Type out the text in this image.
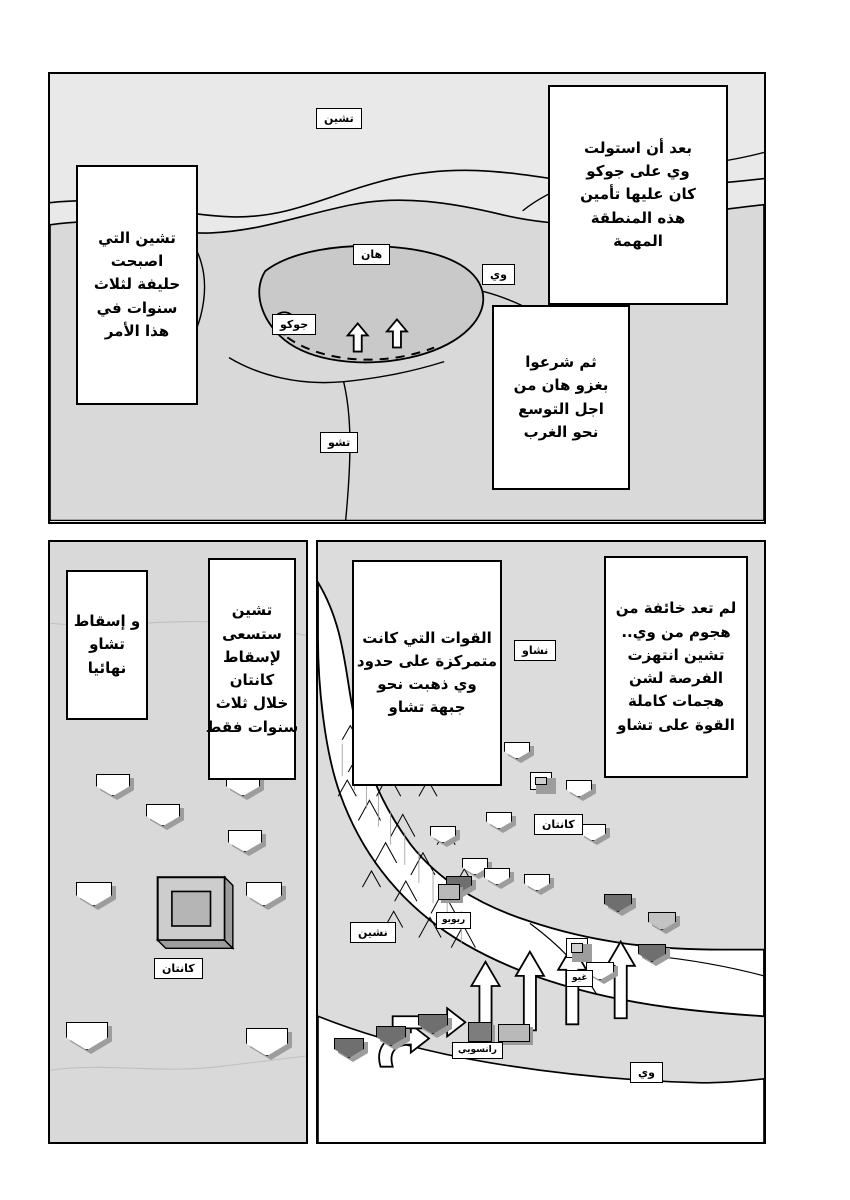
تشين
هان
وي
جوكو
تشو
بعد أن استولت
وي على جوكو
كان عليها تأمين
هذه المنطقة
المهمة
ثم شرعوا
بغزو هان من
اجل التوسع
نحو الغرب
تشين التي
اصبحت
حليفة لثلاث
سنوات في
هذا الأمر
كانتان
تشين
ستسعى
لإسقاط
كانتان
خلال ثلاث
سنوات فقط
و إسقاط
تشاو
نهائيا
نشاو
كانتان
نشين
ريويو
غيو
رانسويي
وي
القوات التي كانت
متمركزة على حدود
وي ذهبت نحو
جبهة تشاو
لم تعد خائفة من
هجوم من وي..
تشين انتهزت
الفرصة لشن
هجمات كاملة
القوة على تشاو
